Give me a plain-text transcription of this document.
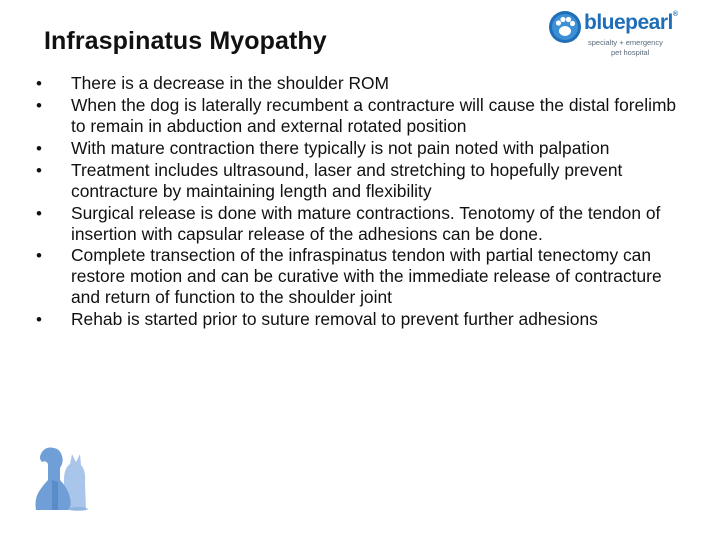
Infraspinatus Myopathy
bluepearl®
specialty + emergency
pet hospital
• There is a decrease in the shoulder ROM
• When the dog is laterally recumbent a contracture will cause the distal forelimb to remain in abduction and external rotated position
• With mature contraction there typically is not pain noted with palpation
• Treatment includes ultrasound, laser and stretching to hopefully prevent contracture by maintaining length and flexibility
• Surgical release is done with mature contractions. Tenotomy of the tendon of insertion with capsular release of the adhesions can be done.
• Complete transection of the infraspinatus tendon with partial tenectomy can restore motion and can be curative with the immediate release of contracture and return of function to the shoulder joint
• Rehab is started prior to suture removal to prevent further adhesions
